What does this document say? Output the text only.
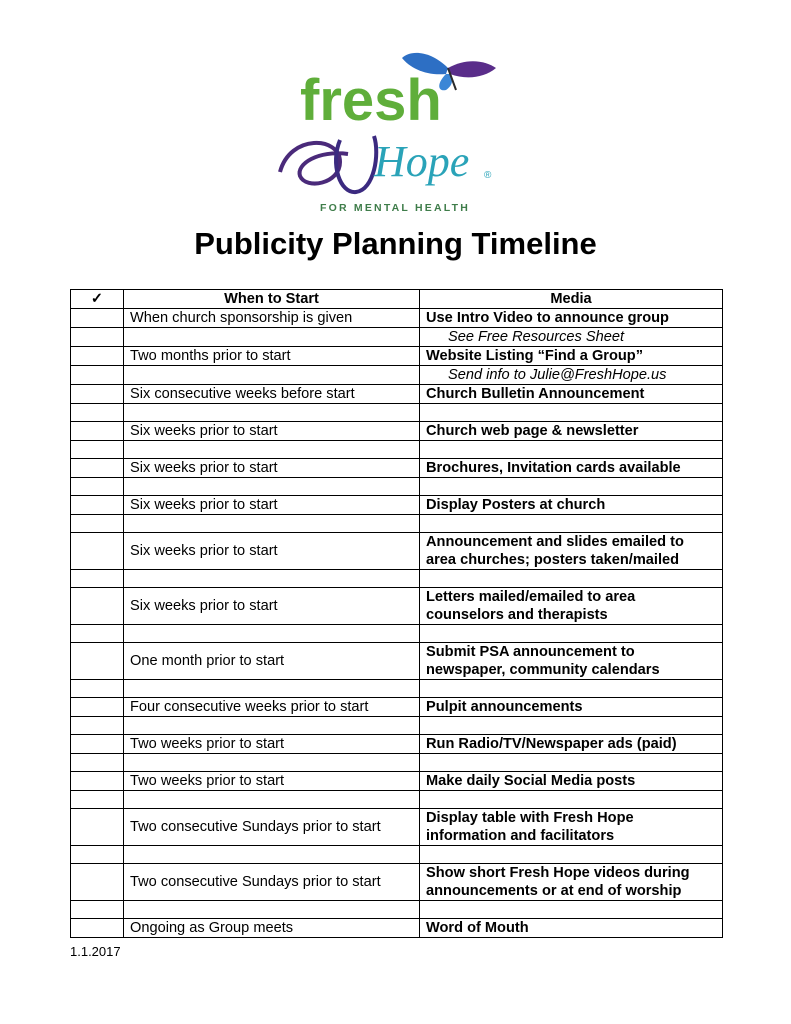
fresh
Hope ®
FOR MENTAL HEALTH
Publicity Planning Timeline
✓	When to Start	Media
	When church sponsorship is given	Use Intro Video to announce group
		See Free Resources Sheet
	Two months prior to start	Website Listing “Find a Group”
		Send info to Julie@FreshHope.us
	Six consecutive weeks before start	Church Bulletin Announcement

	Six weeks prior to start	Church web page & newsletter

	Six weeks prior to start	Brochures, Invitation cards available

	Six weeks prior to start	Display Posters at church

	Six weeks prior to start	Announcement and slides emailed to area churches; posters taken/mailed

	Six weeks prior to start	Letters mailed/emailed to area counselors and therapists

	One month prior to start	Submit PSA announcement to newspaper, community calendars

	Four consecutive weeks prior to start	Pulpit announcements

	Two weeks prior to start	Run Radio/TV/Newspaper ads (paid)

	Two weeks prior to start	Make daily Social Media posts

	Two consecutive Sundays prior to start	Display table with Fresh Hope information and facilitators

	Two consecutive Sundays prior to start	Show short Fresh Hope videos during announcements or at end of worship

	Ongoing as Group meets	Word of Mouth
1.1.2017
